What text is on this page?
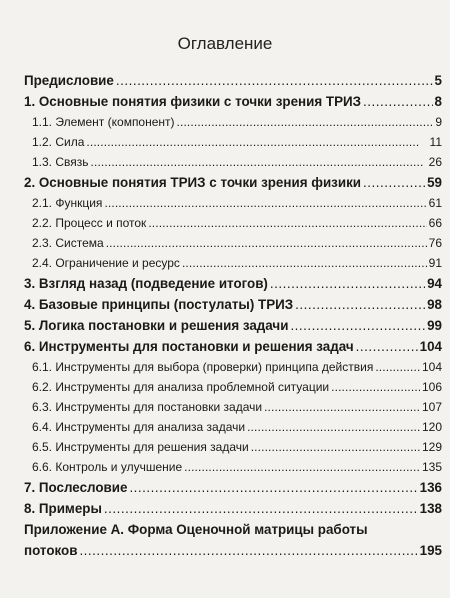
Оглавление
Предисловие . . .	5
1. Основные понятия физики с точки зрения ТРИЗ . . .	8
1.1. Элемент (компонент) . . .	9
1.2. Сила . . .	11
1.3. Связь . . .	26
2. Основные понятия ТРИЗ с точки зрения физики . . .	59
2.1. Функция . . .	61
2.2. Процесс и поток . . .	66
2.3. Система . . .	76
2.4. Ограничение и ресурс . . .	91
3. Взгляд назад (подведение итогов) . . .	94
4. Базовые принципы (постулаты) ТРИЗ . . .	98
5. Логика постановки и решения задачи . . .	99
6. Инструменты для постановки и решения задач . . .	104
6.1. Инструменты для выбора (проверки) принципа действия . . .	104
6.2. Инструменты для анализа проблемной ситуации . . .	106
6.3. Инструменты для постановки задачи . . .	107
6.4. Инструменты для анализа задачи . . .	120
6.5. Инструменты для решения задачи . . .	129
6.6. Контроль и улучшение . . .	135
7. Послесловие . . .	136
8. Примеры . . .	138
Приложение А. Форма Оценочной матрицы работы
потоков . . .	195
